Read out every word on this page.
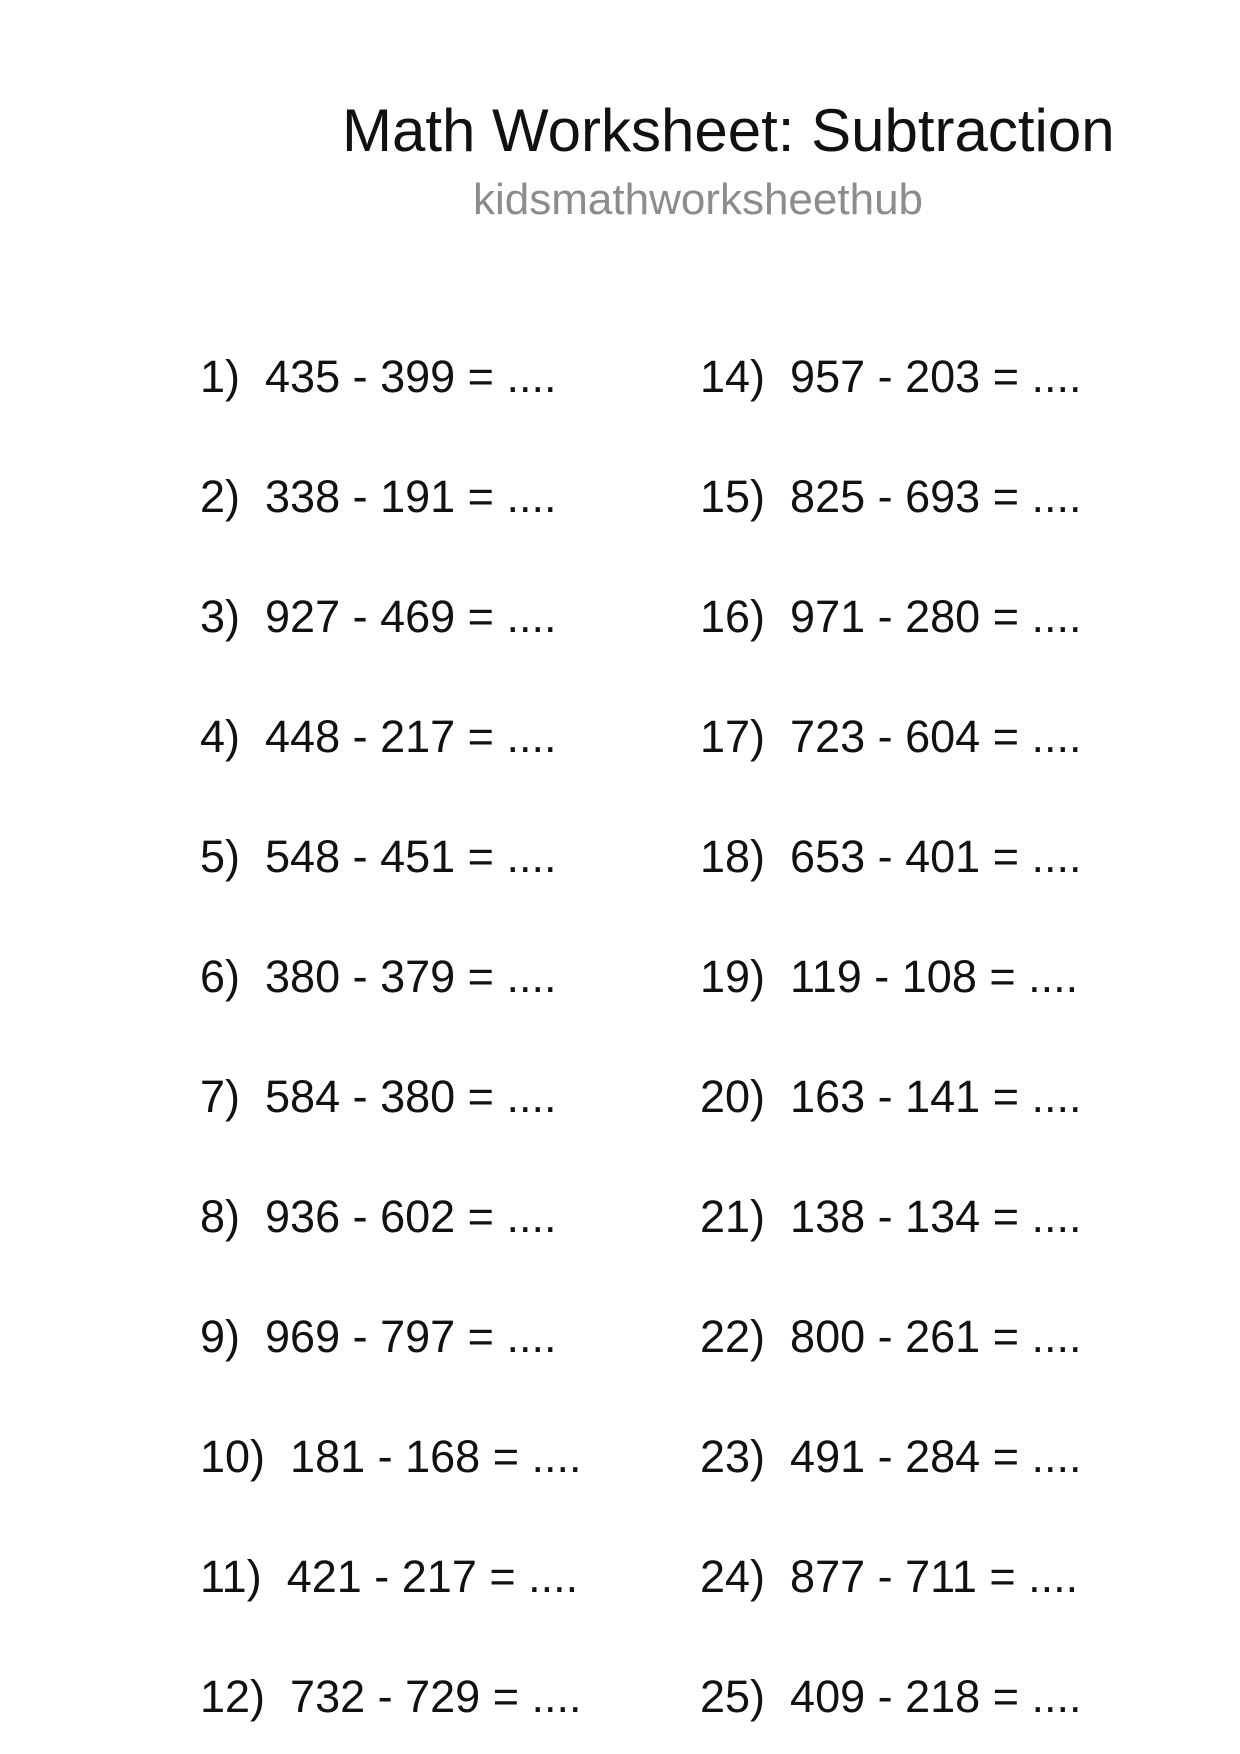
Math Worksheet: Subtraction
kidsmathworksheethub
1) 435 - 399 = ....
2) 338 - 191 = ....
3) 927 - 469 = ....
4) 448 - 217 = ....
5) 548 - 451 = ....
6) 380 - 379 = ....
7) 584 - 380 = ....
8) 936 - 602 = ....
9) 969 - 797 = ....
10) 181 - 168 = ....
11) 421 - 217 = ....
12) 732 - 729 = ....
14) 957 - 203 = ....
15) 825 - 693 = ....
16) 971 - 280 = ....
17) 723 - 604 = ....
18) 653 - 401 = ....
19) 119 - 108 = ....
20) 163 - 141 = ....
21) 138 - 134 = ....
22) 800 - 261 = ....
23) 491 - 284 = ....
24) 877 - 711 = ....
25) 409 - 218 = ....
